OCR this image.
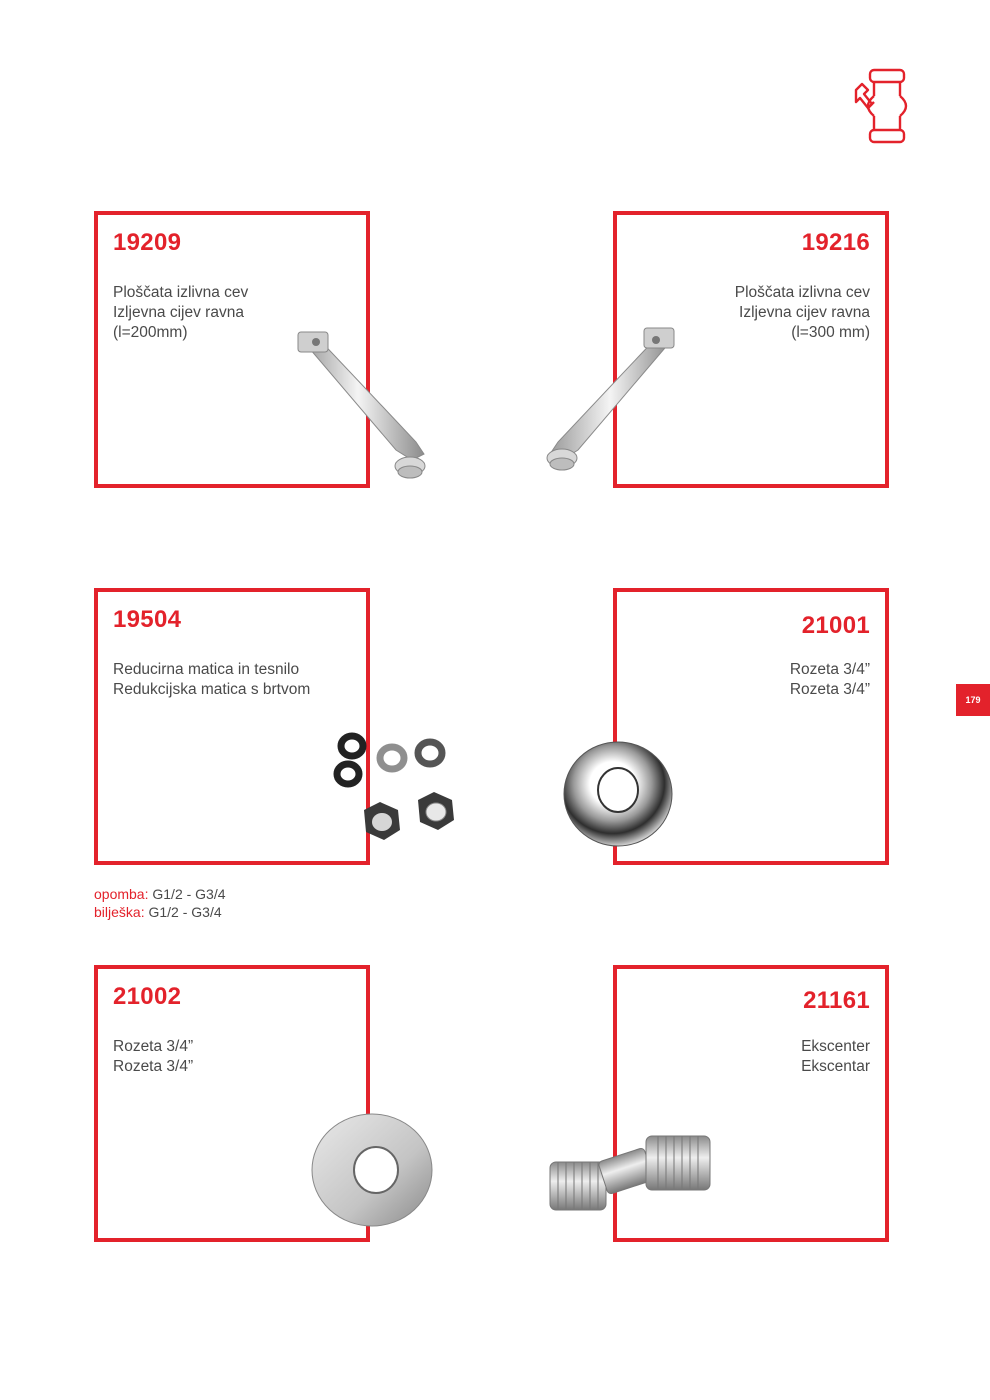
19209
Ploščata izlivna cev
Izljevna cijev ravna
(l=200mm)
19216
Ploščata izlivna cev
Izljevna cijev ravna
(l=300 mm)
19504
Reducirna matica in tesnilo
Redukcijska matica s brtvom
21001
Rozeta 3/4”
Rozeta 3/4”
opomba: G1/2 - G3/4
bilješka: G1/2 - G3/4
21002
Rozeta 3/4”
Rozeta 3/4”
21161
Ekscenter
Ekscentar
179
